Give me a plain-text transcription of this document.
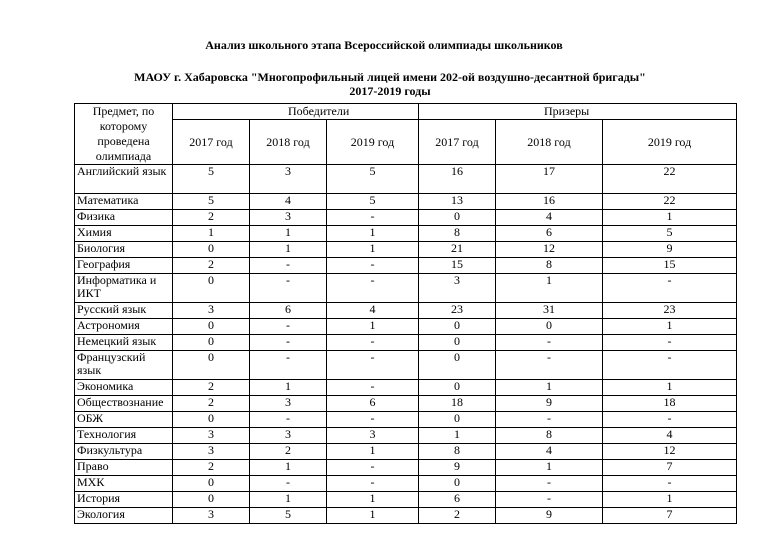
Анализ школьного этапа Всероссийской олимпиады школьников
МАОУ г. Хабаровска "Многопрофильный лицей имени 202-ой воздушно-десантной бригады"
2017-2019 годы
Предмет, по которому проведена олимпиада	Победители			Призеры		
	2017 год	2018 год	2019 год	2017 год	2018 год	2019 год
Английский язык	5	3	5	16	17	22
Математика	5	4	5	13	16	22
Физика	2	3	-	0	4	1
Химия	1	1	1	8	6	5
Биология	0	1	1	21	12	9
География	2	-	-	15	8	15
Информатика и ИКТ	0	-	-	3	1	-
Русский язык	3	6	4	23	31	23
Астрономия	0	-	1	0	0	1
Немецкий язык	0	-	-	0	-	-
Французский язык	0	-	-	0	-	-
Экономика	2	1	-	0	1	1
Обществознание	2	3	6	18	9	18
ОБЖ	0	-	-	0	-	-
Технология	3	3	3	1	8	4
Физкультура	3	2	1	8	4	12
Право	2	1	-	9	1	7
МХК	0	-	-	0	-	-
История	0	1	1	6	-	1
Экология	3	5	1	2	9	7
